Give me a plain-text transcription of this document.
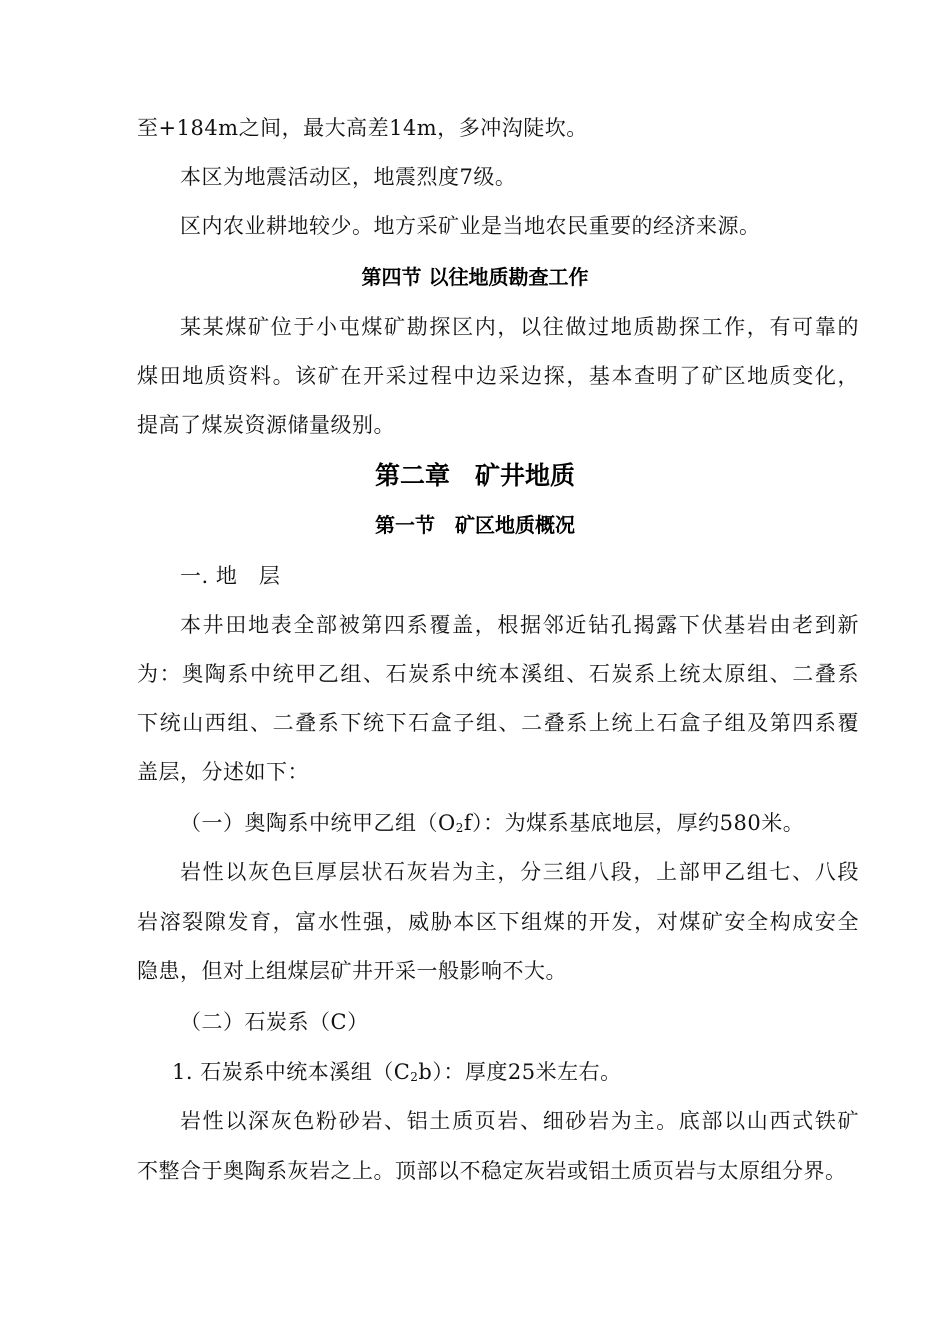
至+184m之间，最大高差14m，多冲沟陡坎。
本区为地震活动区，地震烈度7级。
区内农业耕地较少。地方采矿业是当地农民重要的经济来源。
第四节 以往地质勘查工作
某某煤矿位于小屯煤矿勘探区内，以往做过地质勘探工作，有可靠的
煤田地质资料。该矿在开采过程中边采边探，基本查明了矿区地质变化，
提高了煤炭资源储量级别。
第二章　矿井地质
第一节　矿区地质概况
一. 地　层
本井田地表全部被第四系覆盖，根据邻近钻孔揭露下伏基岩由老到新
为：奥陶系中统甲乙组、石炭系中统本溪组、石炭系上统太原组、二叠系
下统山西组、二叠系下统下石盒子组、二叠系上统上石盒子组及第四系覆
盖层，分述如下：
（一）奥陶系中统甲乙组$(O_2f)$：为煤系基底地层，厚约580米。
岩性以灰色巨厚层状石灰岩为主，分三组八段，上部甲乙组七、八段
岩溶裂隙发育，富水性强，威胁本区下组煤的开发，对煤矿安全构成安全
隐患，但对上组煤层矿井开采一般影响不大。
（二）石炭系（C）
1. 石炭系中统本溪组$(C_2b)$：厚度25米左右。
岩性以深灰色粉砂岩、铝土质页岩、细砂岩为主。底部以山西式铁矿
不整合于奥陶系灰岩之上。顶部以不稳定灰岩或铝土质页岩与太原组分界。
